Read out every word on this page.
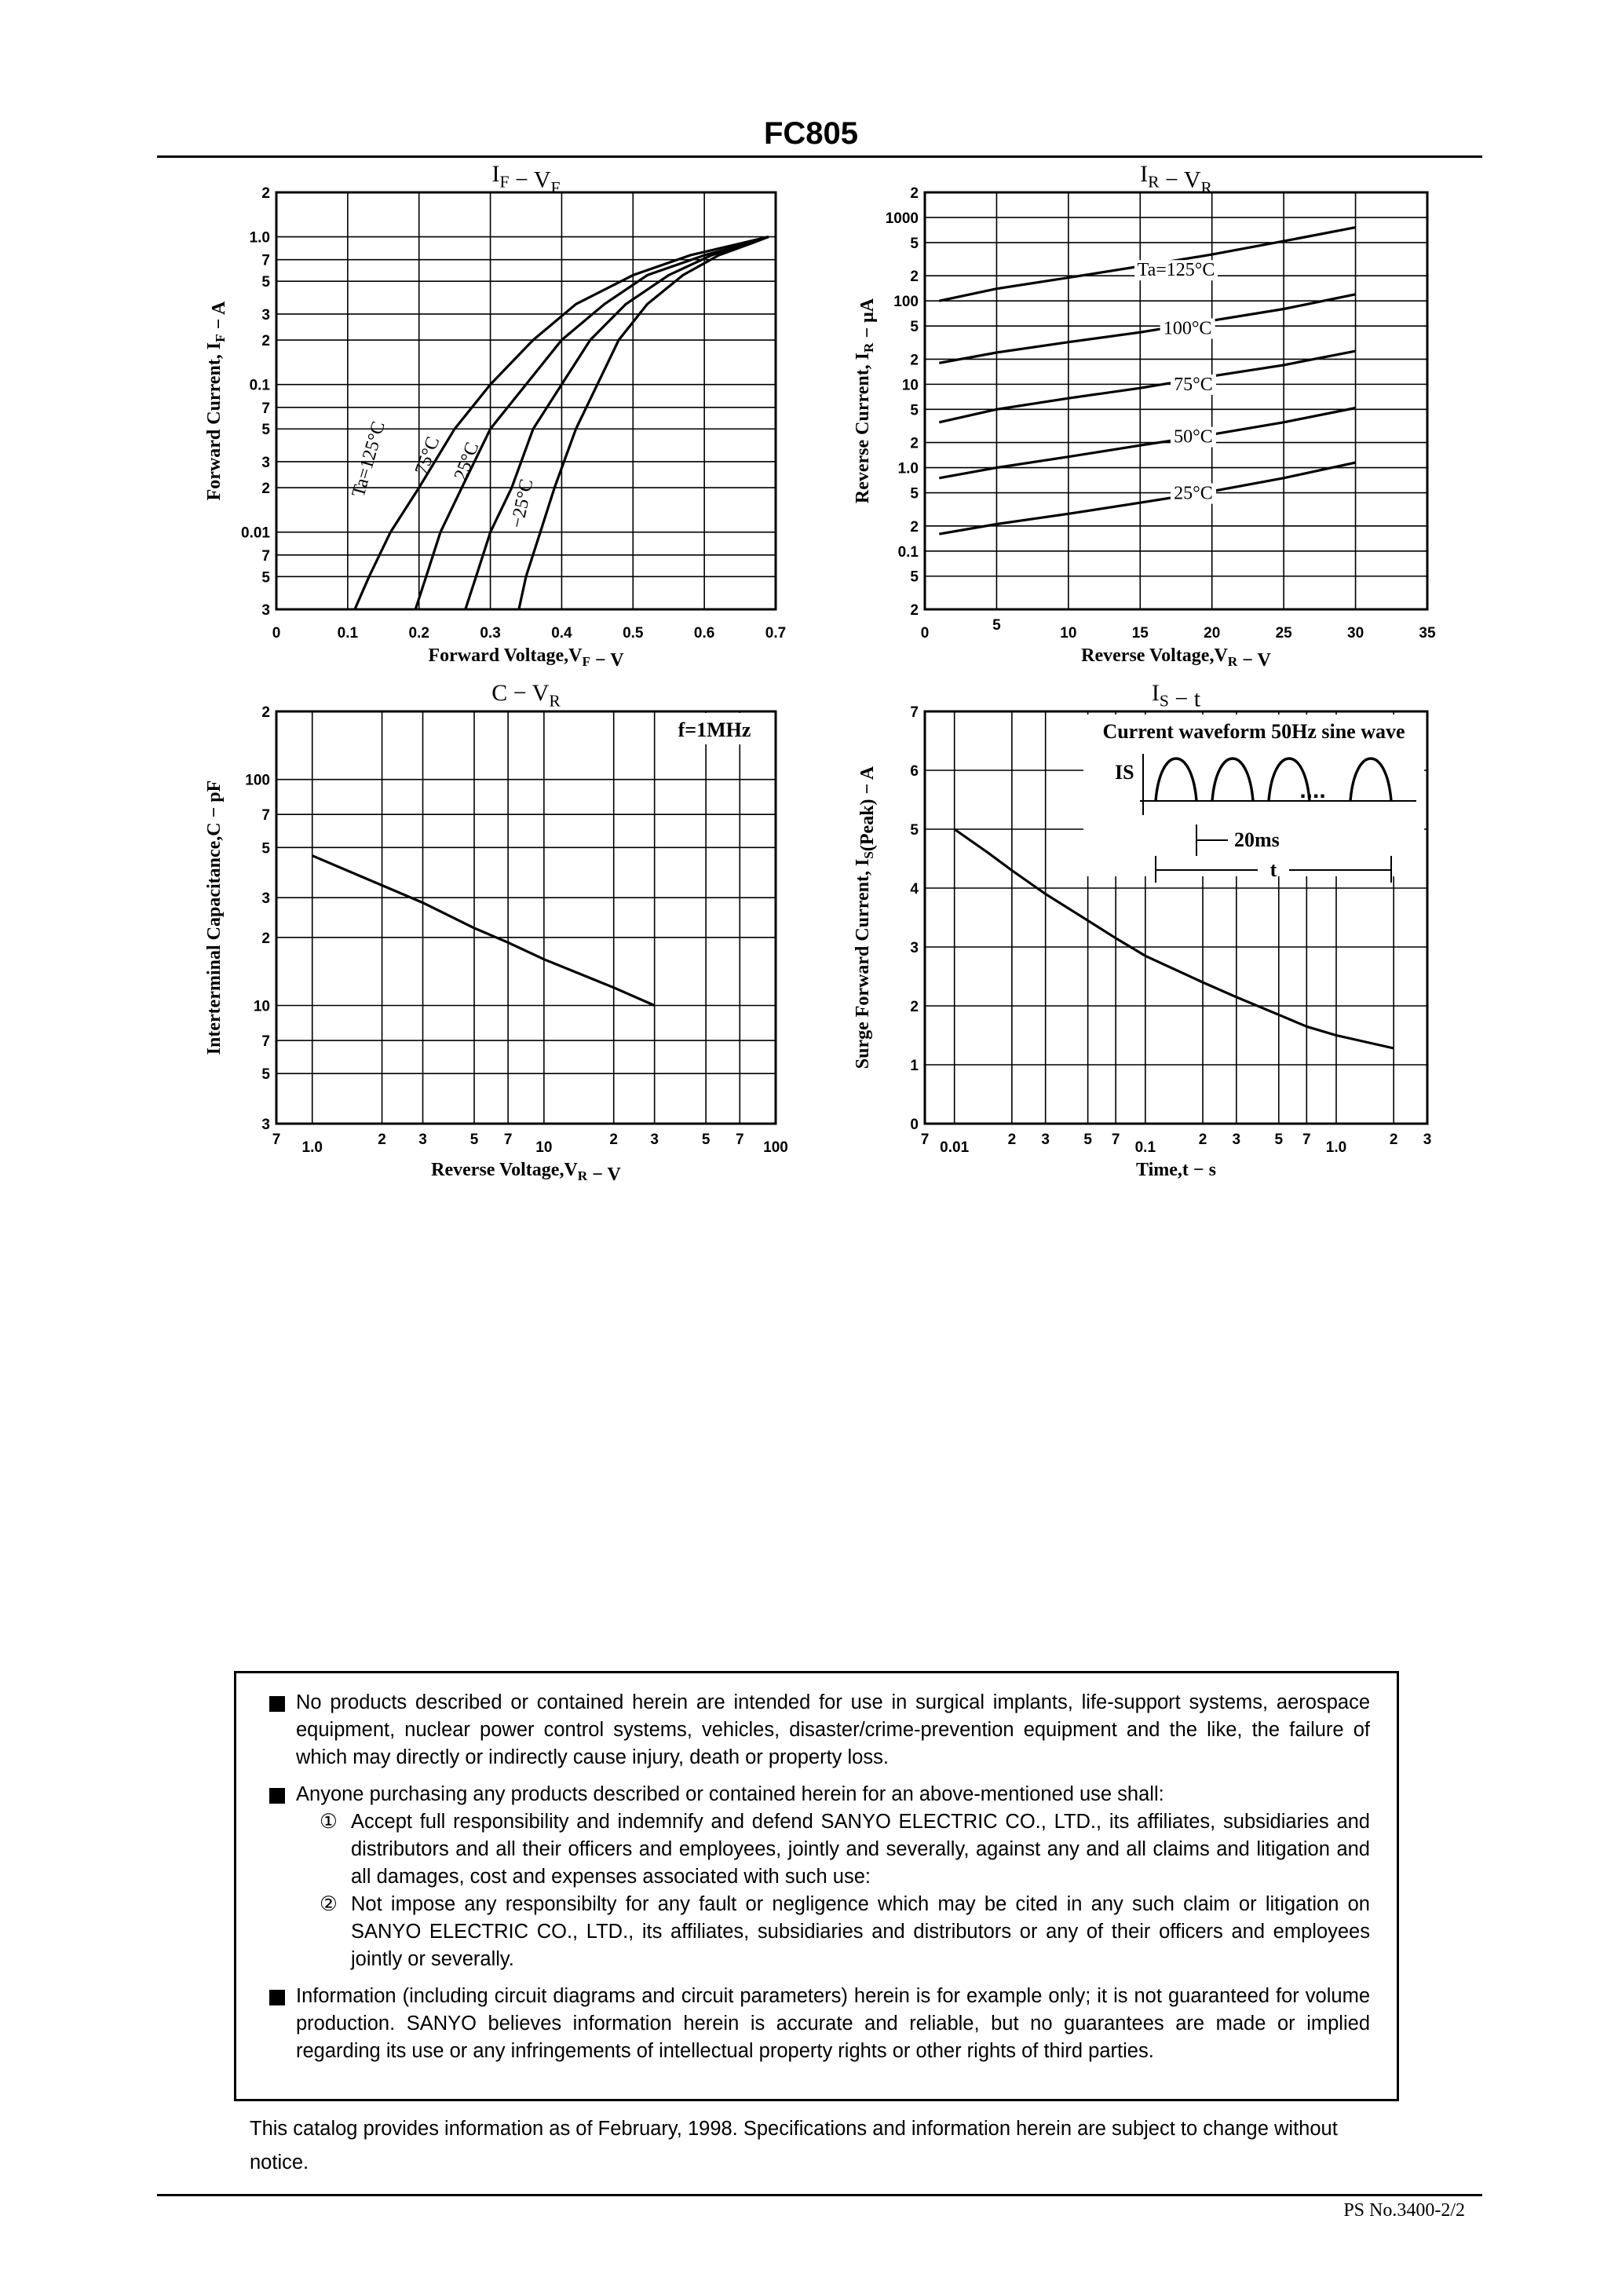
FC805
0	0.1	0.2	0.3	0.4	0.5	0.6	0.7
3
5
7
0.01
2
3
5
7
0.1
2
3
5
7
1.0
2
$I_F - V_F$
Forward $Voltage,V_F - V$
Forward Current, $I_F - A$
Ta=125°C 75°C 25°C
−25°C
0	5	10	15	20	25	30	35
2
5
0.1
2
5
1.0
2
5
10
2
5
100
2
5
1000
2
$I_R - V_R$
Reverse $Voltage,V_R - V$
Reverse Current, $I_R - \mu A$
Ta=125°C
100°C
75°C
50°C
25°C
7 1.0	2 3	5 7 10	2 3	5 7 100
3
5
7
10
2
3
5
7
100
2
$C - V_R$
Reverse $Voltage,V_R - V$
Interterminal Capacitance,C − pF
f=1MHz
7 0.01	2 3 5 7 0.1	2 3 5 7 1.0	2 3
0
1
2
3
4
5
6
7
$I_S - t$
Time,t − s
Surge Forward Current, $I_S(Peak) - A$
Current waveform 50Hz sine wave
....
IS
20ms
t
No products described or contained herein are intended for use in surgical implants, life-support systems, aerospace equipment, nuclear power control systems, vehicles, disaster/crime-prevention equipment and the like, the failure of which may directly or indirectly cause injury, death or property loss.
Anyone purchasing any products described or contained herein for an above-mentioned use shall:
① Accept full responsibility and indemnify and defend SANYO ELECTRIC CO., LTD., its affiliates, subsidiaries and distributors and all their officers and employees, jointly and severally, against any and all claims and litigation and all damages, cost and expenses associated with such use:
② Not impose any responsibilty for any fault or negligence which may be cited in any such claim or litigation on SANYO ELECTRIC CO., LTD., its affiliates, subsidiaries and distributors or any of their officers and employees jointly or severally.
Information (including circuit diagrams and circuit parameters) herein is for example only; it is not guaranteed for volume production. SANYO believes information herein is accurate and reliable, but no guarantees are made or implied regarding its use or any infringements of intellectual property rights or other rights of third parties.
This catalog provides information as of February, 1998. Specifications and information herein are subject to change without notice.
PS No.3400-2/2
